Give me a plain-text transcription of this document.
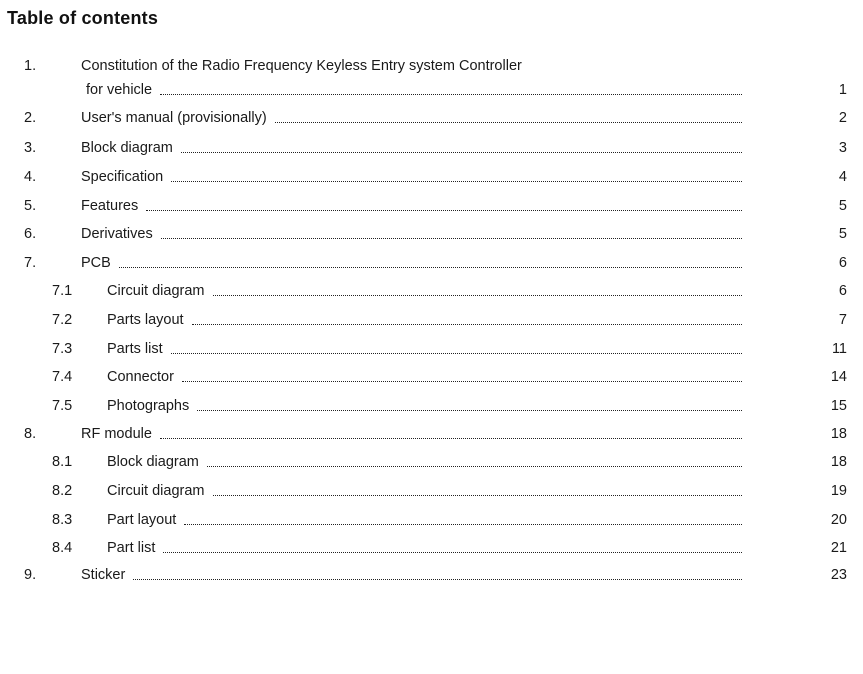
Table of contents
1.	Constitution of the Radio Frequency Keyless Entry system Controller
for vehicle	1
2.	User's manual (provisionally)	2
3.	Block diagram	3
4.	Specification	4
5.	Features	5
6.	Derivatives	5
7.	PCB	6
7.1 Circuit diagram	6
7.2 Parts layout	7
7.3 Parts list	11
7.4 Connector	14
7.5 Photographs	15
8.	RF module	18
8.1 Block diagram	18
8.2 Circuit diagram	19
8.3 Part layout	20
8.4 Part list	21
9.	Sticker	23
